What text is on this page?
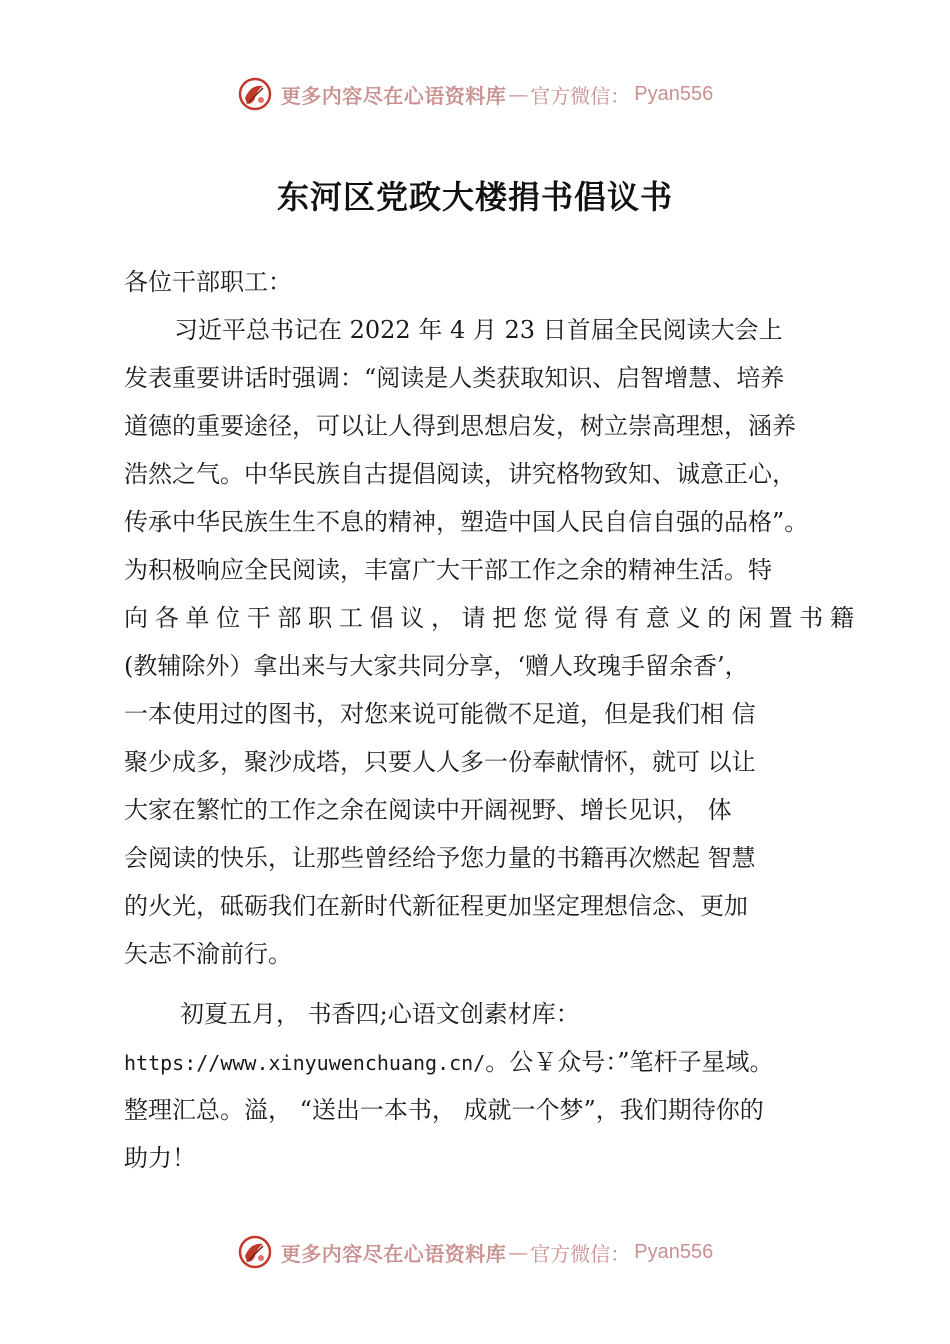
更多内容尽在心语资料库 — 官方微信： Pyan556
东河区党政大楼捐书倡议书
各位干部职工：
习近平总书记在 2022 年 4 月 23 日首届全民阅读大会上
发表重要讲话时强调：“阅读是人类获取知识、启智增慧、培养
道德的重要途径，可以让人得到思想启发，树立崇高理想，涵养
浩然之气。中华民族自古提倡阅读，讲究格物致知、诚意正心，
传承中华民族生生不息的精神，塑造中国人民自信自强的品格”。
为积极响应全民阅读，丰富广大干部工作之余的精神生活。特
向各单位干部职工倡议，请把您觉得有意义的闲置书籍
(教辅除外）拿出来与大家共同分享，‘赠人玫瑰手留余香’，
一本使用过的图书，对您来说可能微不足道，但是我们相 信
聚少成多，聚沙成塔，只要人人多一份奉献情怀，就可 以让
大家在繁忙的工作之余在阅读中开阔视野、增长见识， 体
会阅读的快乐，让那些曾经给予您力量的书籍再次燃起 智慧
的火光，砥砺我们在新时代新征程更加坚定理想信念、更加
矢志不渝前行。
初夏五月， 书香四;心语文创素材库：
https://www.xinyuwenchuang.cn/。公￥众号：”笔杆子星域。
整理汇总。溢， “送出一本书， 成就一个梦”，我们期待你的
助力！
更多内容尽在心语资料库 — 官方微信： Pyan556
